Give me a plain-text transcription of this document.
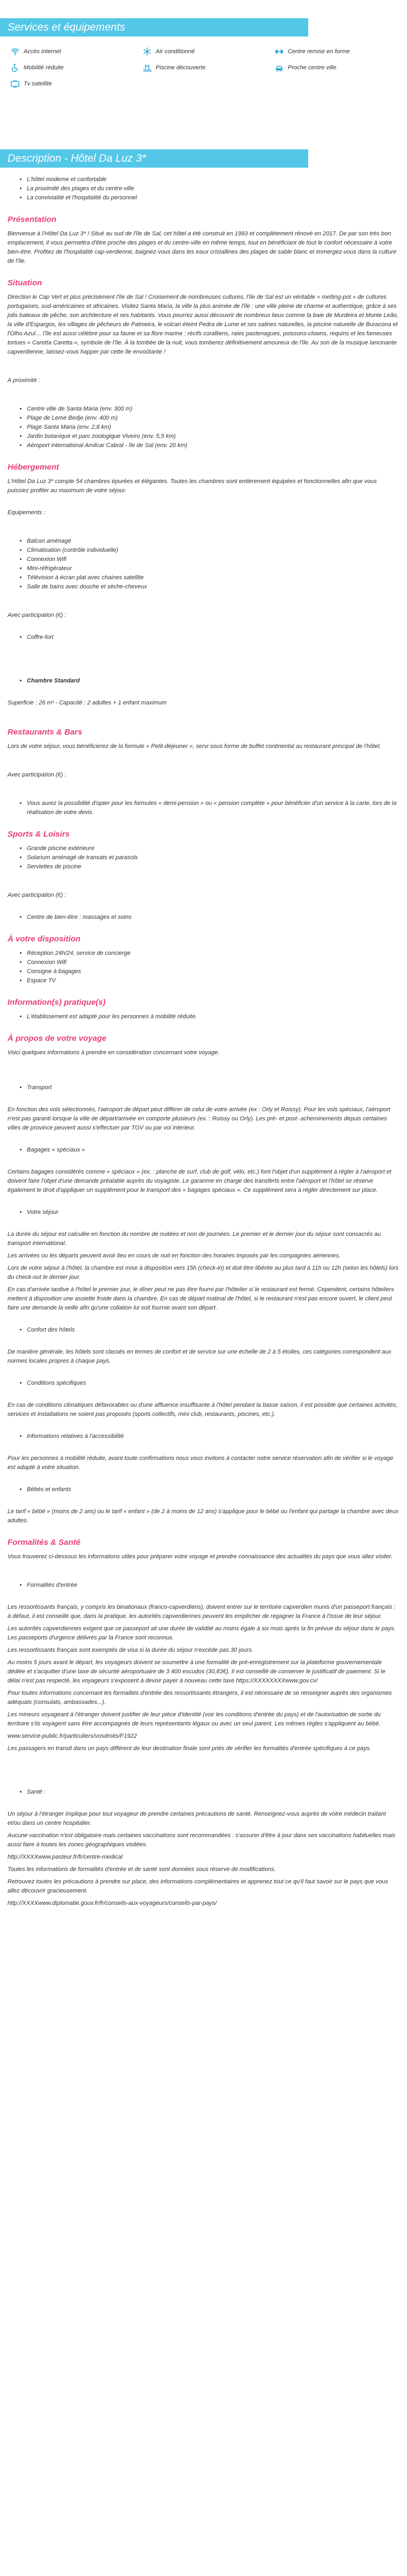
Services et équipements
Accès internet	Air conditionné	Centre remise en forme
Mobilité réduite	Piscine découverte	Proche centre ville
Tv satellite
Description - Hôtel Da Luz 3*
• L'hôtel moderne et confortable
• La proximité des plages et du centre-ville
• La convivialité et l'hospitalité du personnel
Présentation

Bienvenue à l'Hôtel Da Luz 3* ! Situé au sud de l'île de Sal, cet hôtel a été construit en 1993 et complètement rénové en 2017. De par son très bon emplacement, il vous permettra d'être proche des plages et du centre-ville en même temps, tout en bénéficiant de tout le confort nécessaire à votre bien-être. Profitez de l'hospitalité cap-verdienne, baignez-vous dans les eaux cristallines des plages de sable blanc et immergez-vous dans la culture de l'île.

Situation

Direction le Cap Vert et plus précisément l'île de Sal ! Croisement de nombreuses cultures, l'île de Sal est un véritable « melting-pot » de cultures portugaises, sud-américaines et africaines. Visitez Santa Maria, la ville la plus animée de l'île : une ville pleine de charme et authentique, grâce à ses jolis bateaux de pêche, son architecture et ses habitants. Vous pourrez aussi découvrir de nombreux lieux comme la baie de Murdeira et Monte Leão, la ville d'Espargos, les villages de pêcheurs de Palmeira, le volcan éteint Pedra de Lume et ses salines naturelles, la piscine naturelle de Buracona et l'Olho Azul… l'île est aussi célèbre pour sa faune et sa flore marine : récifs coralliens, raies pastenagues, poissons-clowns, requins et les fameuses tortues « Caretta Caretta », symbole de l'île. À la tombée de la nuit, vous tomberez définitivement amoureux de l'île. Au son de la musique lancinante capverdienne, laissez-vous happer par cette île envoûtante !

A proximité :

• Centre ville de Santa Maria (env. 300 m)
• Plage de Leme Bedje (env. 400 m)
• Plage Santa Maria (env. 2,8 km)
• Jardin botanique et parc zoologique Viveiro (env. 5,5 km)
• Aéroport international Amilcar Cabral - île de Sal (env. 20 km)
Hébergement

L'Hôtel Da Luz 3* compte 54 chambres épurées et élégantes. Toutes les chambres sont entièrement équipées et fonctionnelles afin que vous puissiez profiter au maximum de votre séjour.

Equipements :

• Balcon aménagé
• Climatisation (contrôle individuelle)
• Connexion Wifi
• Mini-réfrigérateur
• Télévision à écran plat avec chaines satellite
• Salle de bains avec douche et sèche-cheveux

Avec participation (€) :

• Coffre-fort
• Chambre Standard

Superficie : 26 m² - Capacité : 2 adultes + 1 enfant maximum

Restaurants & Bars

Lors de votre séjour, vous bénéficierez de la formule « Petit-déjeuner », servi sous forme de buffet continental au restaurant principal de l'hôtel.

Avec participation (€) :

• Vous aurez la possibilité d'opter pour les formules « demi-pension » ou « pension complète » pour bénéficier d'un service à la carte, lors de la réalisation de votre devis.
Sports & Loisirs
• Grande piscine extérieure
• Solarium aménagé de transats et parasols
• Serviettes de piscine

Avec participation (€) :

• Centre de bien-être : massages et soins
À votre disposition
• Réception 24h/24, service de concierge
• Connexion Wifi
• Consigne à bagages
• Espace TV
Information(s) pratique(s)
• L'établissement est adapté pour les personnes à mobilité réduite.
À propos de votre voyage

Voici quelques informations à prendre en considération concernant votre voyage.

• Transport

En fonction des vols sélectionnés, l'aéroport de départ peut différer de celui de votre arrivée (ex : Orly et Roissy). Pour les vols spéciaux, l'aéroport n'est pas garanti lorsque la ville de départ/arrivée en comporte plusieurs (ex. : Roissy ou Orly). Les pré- et post- acheminements depuis certaines villes de province peuvent aussi s'effectuer par TGV ou par voi interieur.

• Bagages « spéciaux »

Certains bagages considérés comme « spéciaux » (ex. : planche de surf, club de golf, vélo, etc.) font l'objet d'un supplément à régler à l'aéroport et doivent faire l'objet d'une demande préalable auprès du voyagiste. Le garanme en charge des transferts entre l'aéroport et l'hôtel se réserve également le droit d'appliquer un supplément pour le transport des « bagages spéciaux ». Ce supplément sera à régler directement sur place.

• Votre séjour

La durée du séjour est calculée en fonction du nombre de nuitées et non de journées. Le premier et le dernier jour du séjour sont consacrés au transport international.

Les arrivées ou les départs peuvent avoir lieu en cours de nuit en fonction des horaires imposés par les compagnies aériennes.

Lors de votre séjour à l'hôtel, la chambre est mise à disposition vers 15h (check-in) et doit être libérée au plus tard à 11h ou 12h (selon les hôtels) lors du check-out le dernier jour.

En cas d'arrivée tardive à l'hôtel le premier jour, le dîner peut ne pas être fourni par l'hôtelier si le restaurant est fermé. Cependent, certains hôteliers mettent à disposition une assiette froide dans la chambre. En cas de départ matinal de l'hôtel, si le restaurant n'est pas encore ouvert, le client peut faire une demande la veille afin qu'une collation lui soit fournie avant son départ.

• Confort des hôtels

De manière générale, les hôtels sont classés en termes de confort et de service sur une échelle de 2 à 5 étoiles, ces catégories correspondent aux normes locales propres à chaque pays.

• Conditions spécifiques

En cas de conditions climatiques défavorables ou d'une affluence insuffisante à l'hôtel pendant la basse saison, il est possible que certaines activités, services et installations ne soient pas proposés (sports collectifs, mini club, restaurants, piscines, etc.).

• Informations relatives à l'accessibilité

Pour les personnes à mobilité réduite, avant toute confirmations nous vous invitons à contacter notre service réservation afin de vérifier si le voyage est adapté à votre situation.

• Bébés et enfants

Le tarif « bébé » (moins de 2 ans) ou le tarif « enfant » (de 2 à moins de 12 ans) s'applique pour le bébé ou l'enfant qui partage la chambre avec deux adultes.

Formalités & Santé

Vous trouverez ci-dessous les informations utiles pour préparer votre voyage et prendre connaissance des actualités du pays que vous allez visiter.

• Formalités d'entrée

Les ressortissants français, y compris les binationaux (franco-capverdiens), doivent entrer sur le territoire capverdien munis d'un passeport français : à défaut, il est conseillé que, dans la pratique, les autorités capverdiennes peuvent les empêcher de regagner la France à l'issue de leur séjour.

Les autorités capverdiennes exigent que ce passeport ait une durée de validité au moins égale à six mois après la fin prévue du séjour dans le pays. Les passeports d'urgence délivrés par la France sont reconnus.

Les ressortissants français sont exemptés de visa si la durée du séjour n'excède pas 30 jours.

Au moins 5 jours avant le départ, les voyageurs doivent se soumettre à une formalité de pré-enregistrement sur la plateforme gouvernementale dédiée et s'acquitter d'une taxe de sécurité aéroportuaire de 3 400 escudos (30,83€). Il est conseillé de conserver le justificatif de paiement. Si le délai n'est pas respecté, les voyageurs s'exposent à devoir payer à nouveau cette taxe https://XXXXXXXXwww.gov.cv/

Pour toutes informations concernant les formalités d'entrée des ressortissants étrangers, il est nécessaire de se renseigner auprès des organismes adéquats (consulats, ambassades...).

Les mineurs voyageant à l'étranger doivent justifier de leur pièce d'identité (voir les conditions d'entrée du pays) et de l'autorisation de sortie du territoire s'ils voyagent sans être accompagnés de leurs représentants légaux ou avec un seul parent. Les mêmes règles s'appliquent au bébé.

www.service-public.fr/particuliers/vosdroits/F1922

Les passagers en transit dans un pays différent de leur destination finale sont priés de vérifier les formalités d'entrée spécifiques à ce pays.

• Santé :

Un séjour à l'étranger implique pour tout voyageur de prendre certaines précautions de santé. Renseignez-vous auprès de votre médecin traitant et/ou dans un centre hospitalier.

Aucune vaccination n'est obligatoire mais certaines vaccinations sont recommandées : s'assurer d'être à jour dans ses vaccinations habituelles mais aussi faire à toutes les zones géographiques visitées.

http://XXXXwww.pasteur.fr/fr/centre-medical

Toutes les informations de formalités d'entrée et de santé sont données sous réserve de modifications.

Retrouvez toutes les précautions à prendre sur place, des informations complémentaires et apprenez tout ce qu'il faut savoir sur le pays que vous allez découvrir gracieusement.

http://XXXXwww.diplomatie.gouv.fr/fr/conseils-aux-voyageurs/conseils-par-pays/
